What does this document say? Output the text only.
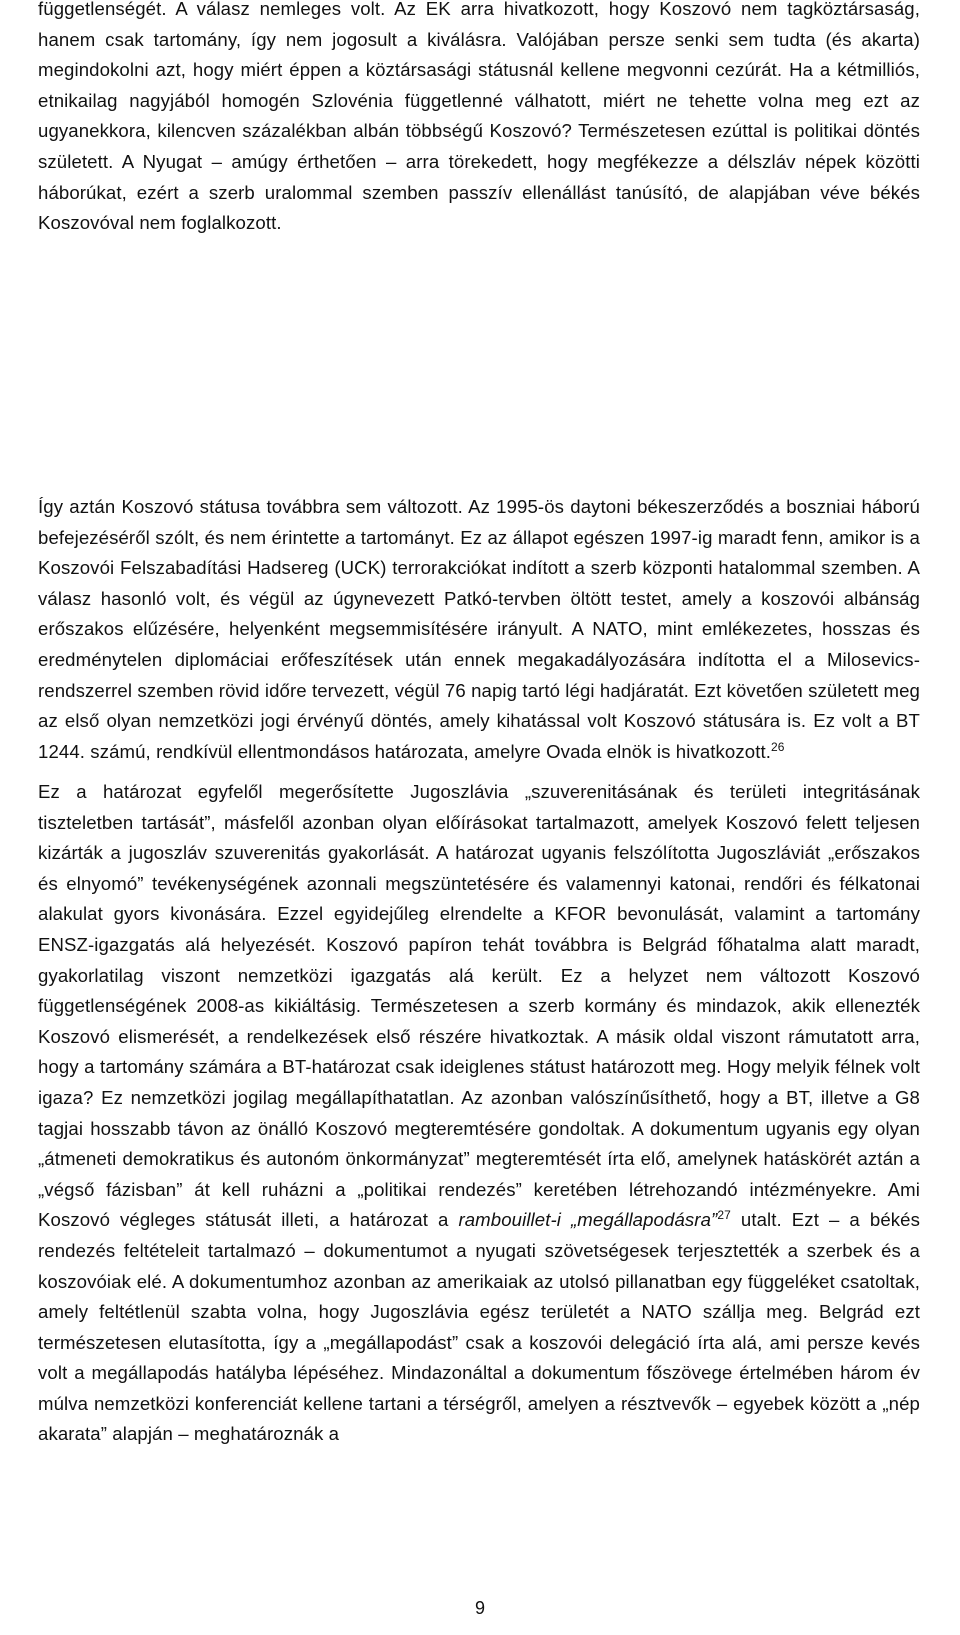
függetlenségét. A válasz nemleges volt. Az EK arra hivatkozott, hogy Koszovó nem tagköztársaság, hanem csak tartomány, így nem jogosult a kiválásra. Valójában persze senki sem tudta (és akarta) megindokolni azt, hogy miért éppen a köztársasági státusnál kellene megvonni cezúrát. Ha a kétmilliós, etnikailag nagyjából homogén Szlovénia függetlenné válhatott, miért ne tehette volna meg ezt az ugyanekkora, kilencven százalékban albán többségű Koszovó? Természetesen ezúttal is politikai döntés született. A Nyugat – amúgy érthetően – arra törekedett, hogy megfékezze a délszláv népek közötti háborúkat, ezért a szerb uralommal szemben passzív ellenállást tanúsító, de alapjában véve békés Koszovóval nem foglalkozott.

Így aztán Koszovó státusa továbbra sem változott. Az 1995-ös daytoni békeszerződés a boszniai háború befejezéséről szólt, és nem érintette a tartományt. Ez az állapot egészen 1997-ig maradt fenn, amikor is a Koszovói Felszabadítási Hadsereg (UCK) terrorakciókat indított a szerb központi hatalommal szemben. A válasz hasonló volt, és végül az úgynevezett Patkó-tervben öltött testet, amely a koszovói albánság erőszakos elűzésére, helyenként megsemmisítésére irányult. A NATO, mint emlékezetes, hosszas és eredménytelen diplomáciai erőfeszítések után ennek megakadályozására indította el a Milosevics-rendszerrel szemben rövid időre tervezett, végül 76 napig tartó légi hadjáratát. Ezt követően született meg az első olyan nemzetközi jogi érvényű döntés, amely kihatással volt Koszovó státusára is. Ez volt a BT 1244. számú, rendkívül ellentmondásos határozata, amelyre Ovada elnök is hivatkozott.$^{26}$

Ez a határozat egyfelől megerősítette Jugoszlávia „szuverenitásának és területi integritásának tiszteletben tartását”, másfelől azonban olyan előírásokat tartalmazott, amelyek Koszovó felett teljesen kizárták a jugoszláv szuverenitás gyakorlását. A határozat ugyanis felszólította Jugoszláviát „erőszakos és elnyomó” tevékenységének azonnali megszüntetésére és valamennyi katonai, rendőri és félkatonai alakulat gyors kivonására. Ezzel egyidejűleg elrendelte a KFOR bevonulását, valamint a tartomány ENSZ-igazgatás alá helyezését. Koszovó papíron tehát továbbra is Belgrád főhatalma alatt maradt, gyakorlatilag viszont nemzetközi igazgatás alá került. Ez a helyzet nem változott Koszovó függetlenségének 2008-as kikiáltásig. Természetesen a szerb kormány és mindazok, akik ellenezték Koszovó elismerését, a rendelkezések első részére hivatkoztak. A másik oldal viszont rámutatott arra, hogy a tartomány számára a BT-határozat csak ideiglenes státust határozott meg. Hogy melyik félnek volt igaza? Ez nemzetközi jogilag megállapíthatatlan. Az azonban valószínűsíthető, hogy a BT, illetve a G8 tagjai hosszabb távon az önálló Koszovó megteremtésére gondoltak. A dokumentum ugyanis egy olyan „átmeneti demokratikus és autonóm önkormányzat” megteremtését írta elő, amelynek hatáskörét aztán a „végső fázisban” át kell ruházni a „politikai rendezés” keretében létrehozandó intézményekre. Ami Koszovó végleges státusát illeti, a határozat a rambouillet-i „megállapodásra”$^{27}$ utalt. Ezt – a békés rendezés feltételeit tartalmazó – dokumentumot a nyugati szövetségesek terjesztették a szerbek és a koszovóiak elé. A dokumentumhoz azonban az amerikaiak az utolsó pillanatban egy függeléket csatoltak, amely feltétlenül szabta volna, hogy Jugoszlávia egész területét a NATO szállja meg. Belgrád ezt természetesen elutasította, így a „megállapodást” csak a koszovói delegáció írta alá, ami persze kevés volt a megállapodás hatályba lépéséhez. Mindazonáltal a dokumentum főszövege értelmében három év múlva nemzetközi konferenciát kellene tartani a térségről, amelyen a résztvevők – egyebek között a „nép akarata” alapján – meghatároznák a

9
